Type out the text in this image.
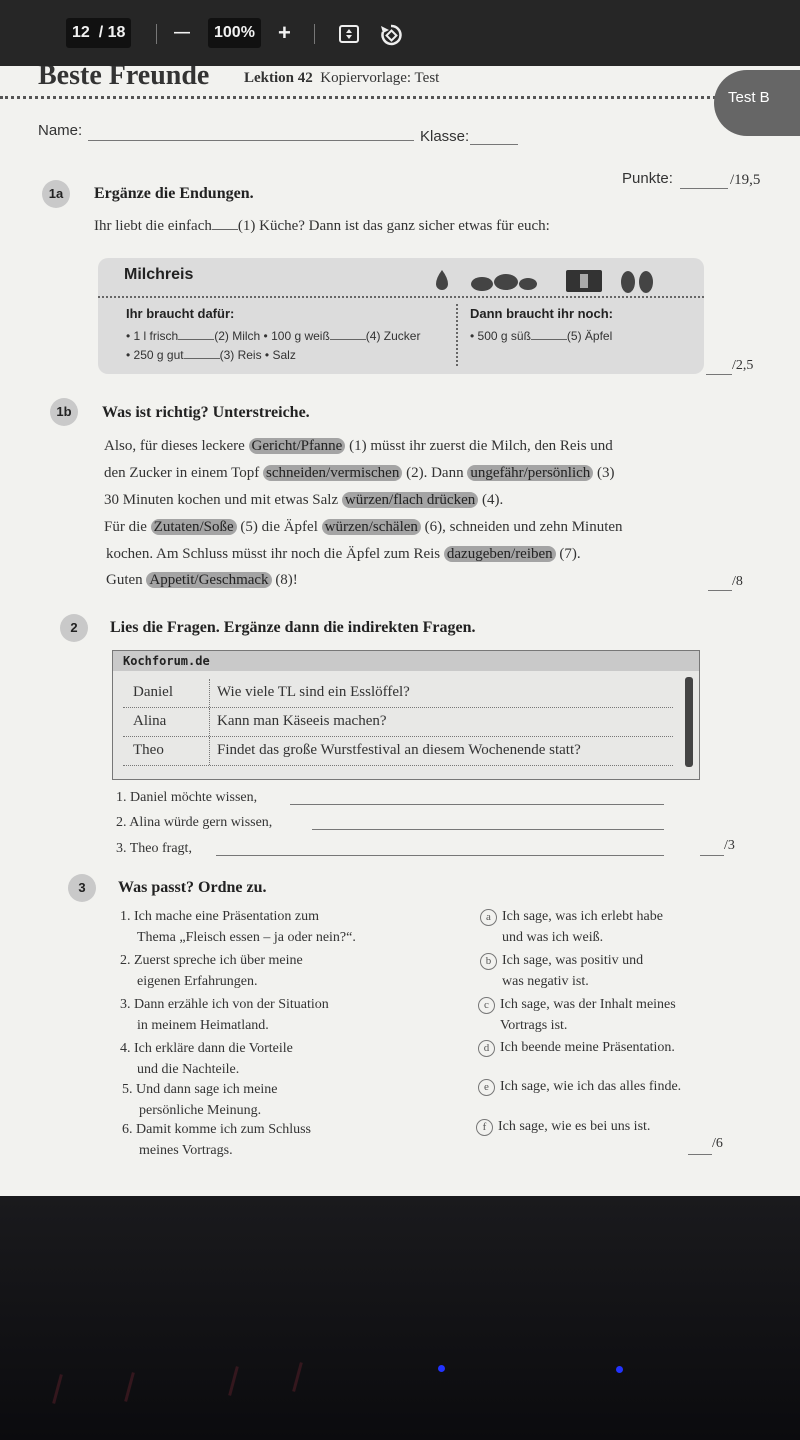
12 / 18	—	100% +
Beste Freunde Lektion 42 Kopiervorlage: Test
Test B
Name:	Klasse:
Punkte:	/19,5
1a	Ergänze die Endungen.
Ihr liebt die einfach (1) Küche? Dann ist das ganz sicher etwas für euch:
Milchreis
Ihr braucht dafür:
• 1 l frisch	(2) Milch • 100 g weiß	(4) Zucker
• 250 g gut	(3) Reis • Salz
Dann braucht ihr noch:
• 500 g süß	(5) Äpfel
/2,5
1b	Was ist richtig? Unterstreiche.
Also, für dieses leckere Gericht/Pfanne (1) müsst ihr zuerst die Milch, den Reis und
den Zucker in einem Topf schneiden/vermischen (2). Dann ungefähr/persönlich (3)
30 Minuten kochen und mit etwas Salz würzen/flach drücken (4).
Für die Zutaten/Soße (5) die Äpfel würzen/schälen (6), schneiden und zehn Minuten
kochen. Am Schluss müsst ihr noch die Äpfel zum Reis dazugeben/reiben (7).
Guten Appetit/Geschmack (8)!	/8
2	Lies die Fragen. Ergänze dann die indirekten Fragen.
Kochforum.de
Daniel	Wie viele TL sind ein Esslöffel?
Alina	Kann man Käseeis machen?
Theo	Findet das große Wurstfestival an diesem Wochenende statt?
1. Daniel möchte wissen,
2. Alina würde gern wissen,
3. Theo fragt,	/3
3	Was passt? Ordne zu.
1. Ich mache eine Präsentation zum
Thema „Fleisch essen – ja oder nein?“.
2. Zuerst spreche ich über meine
eigenen Erfahrungen.
3. Dann erzähle ich von der Situation
in meinem Heimatland.
4. Ich erkläre dann die Vorteile
und die Nachteile.
5. Und dann sage ich meine
persönliche Meinung.
6. Damit komme ich zum Schluss
meines Vortrags.
a Ich sage, was ich erlebt habe
und was ich weiß.
b Ich sage, was positiv und
was negativ ist.
c Ich sage, was der Inhalt meines
Vortrags ist.
d Ich beende meine Präsentation.
e Ich sage, wie ich das alles finde.
f Ich sage, wie es bei uns ist.
/6
